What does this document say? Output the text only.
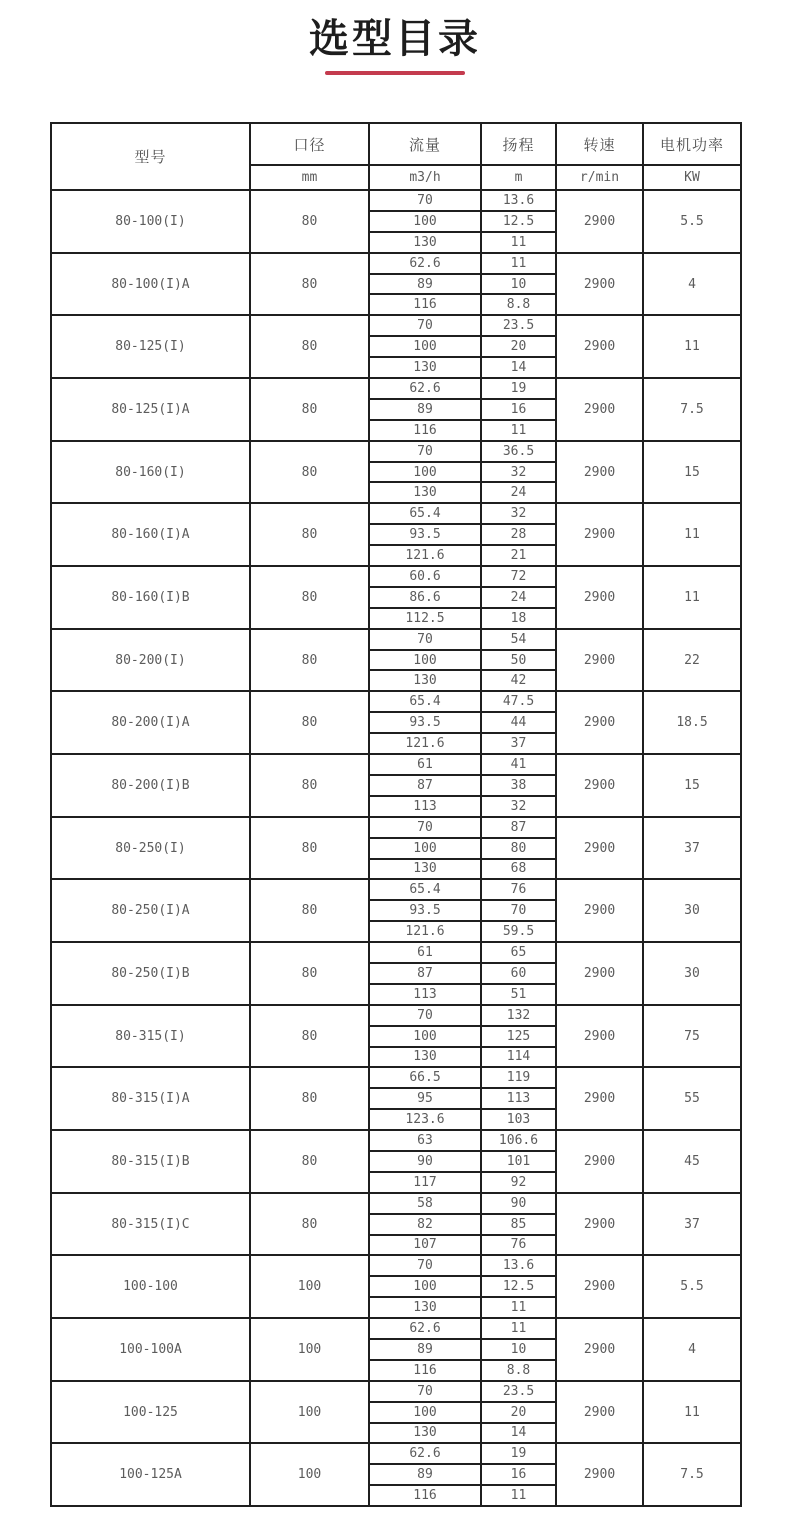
选型目录
型号	口径	流量	扬程	转速	电机功率
	mm	m3/h	m	r/min	KW
80-100(I)	80	70	13.6	2900	5.5
		100	12.5		
		130	11		
80-100(I)A	80	62.6	11	2900	4
		89	10		
		116	8.8		
80-125(I)	80	70	23.5	2900	11
		100	20		
		130	14		
80-125(I)A	80	62.6	19	2900	7.5
		89	16		
		116	11		
80-160(I)	80	70	36.5	2900	15
		100	32		
		130	24		
80-160(I)A	80	65.4	32	2900	11
		93.5	28		
		121.6	21		
80-160(I)B	80	60.6	72	2900	11
		86.6	24		
		112.5	18		
80-200(I)	80	70	54	2900	22
		100	50		
		130	42		
80-200(I)A	80	65.4	47.5	2900	18.5
		93.5	44		
		121.6	37		
80-200(I)B	80	61	41	2900	15
		87	38		
		113	32		
80-250(I)	80	70	87	2900	37
		100	80		
		130	68		
80-250(I)A	80	65.4	76	2900	30
		93.5	70		
		121.6	59.5		
80-250(I)B	80	61	65	2900	30
		87	60		
		113	51		
80-315(I)	80	70	132	2900	75
		100	125		
		130	114		
80-315(I)A	80	66.5	119	2900	55
		95	113		
		123.6	103		
80-315(I)B	80	63	106.6	2900	45
		90	101		
		117	92		
80-315(I)C	80	58	90	2900	37
		82	85		
		107	76		
100-100	100	70	13.6	2900	5.5
		100	12.5		
		130	11		
100-100A	100	62.6	11	2900	4
		89	10		
		116	8.8		
100-125	100	70	23.5	2900	11
		100	20		
		130	14		
100-125A	100	62.6	19	2900	7.5
		89	16		
		116	11		
